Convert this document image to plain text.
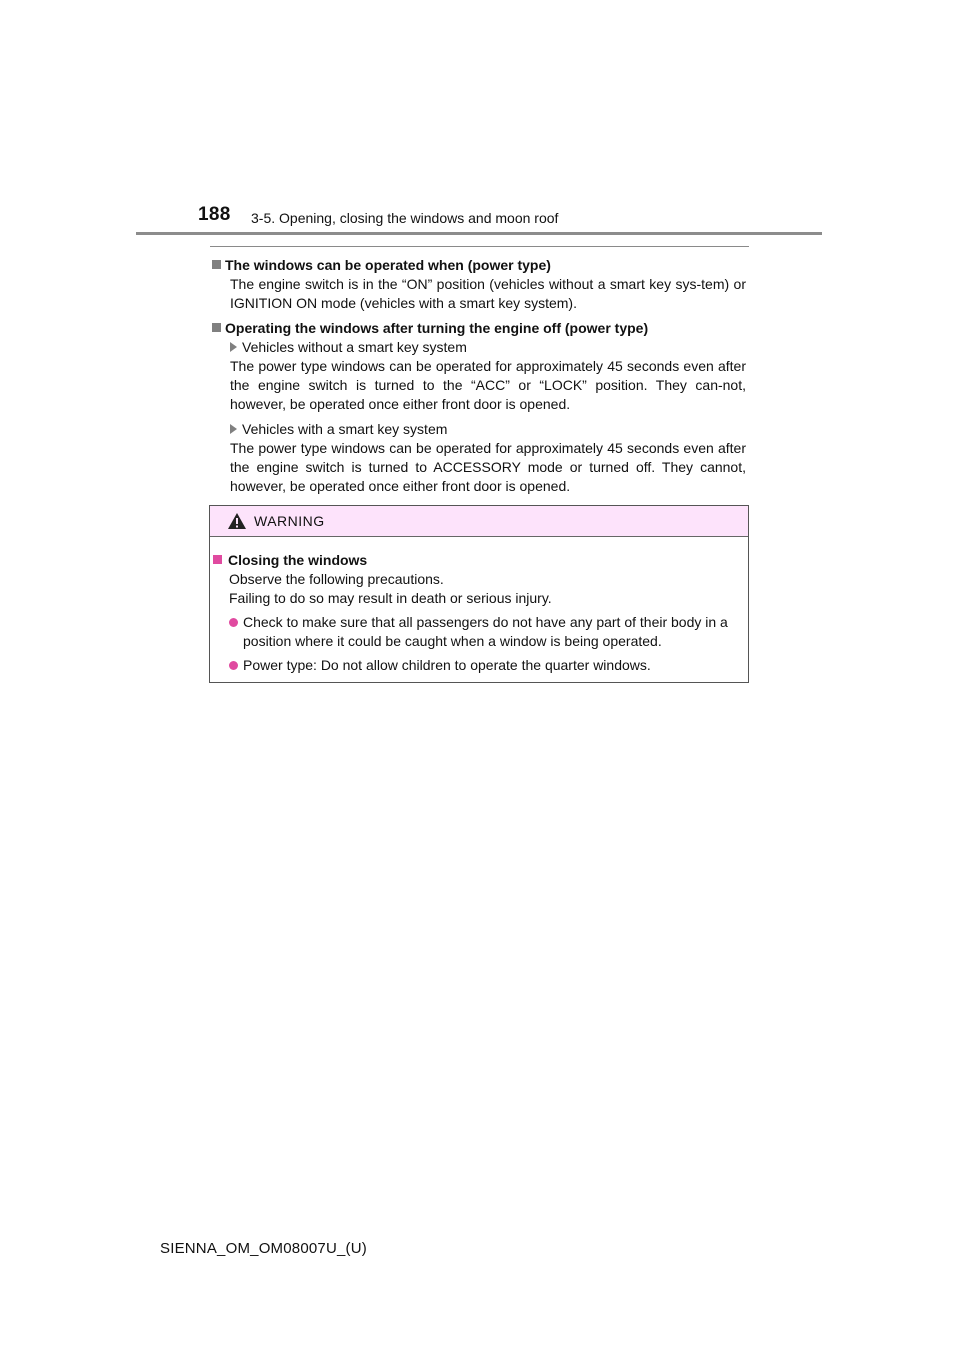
188 3-5. Opening, closing the windows and moon roof
The windows can be operated when (power type)
The engine switch is in the “ON” position (vehicles without a smart key sys-tem) or IGNITION ON mode (vehicles with a smart key system).
Operating the windows after turning the engine off (power type)
Vehicles without a smart key system
The power type windows can be operated for approximately 45 seconds even after the engine switch is turned to the “ACC” or “LOCK” position. They can-not, however, be operated once either front door is opened.
Vehicles with a smart key system
The power type windows can be operated for approximately 45 seconds even after the engine switch is turned to ACCESSORY mode or turned off. They cannot, however, be operated once either front door is opened.
WARNING
Closing the windows
Observe the following precautions.
Failing to do so may result in death or serious injury.
Check to make sure that all passengers do not have any part of their body in a position where it could be caught when a window is being operated.
Power type: Do not allow children to operate the quarter windows.
SIENNA_OM_OM08007U_(U)
